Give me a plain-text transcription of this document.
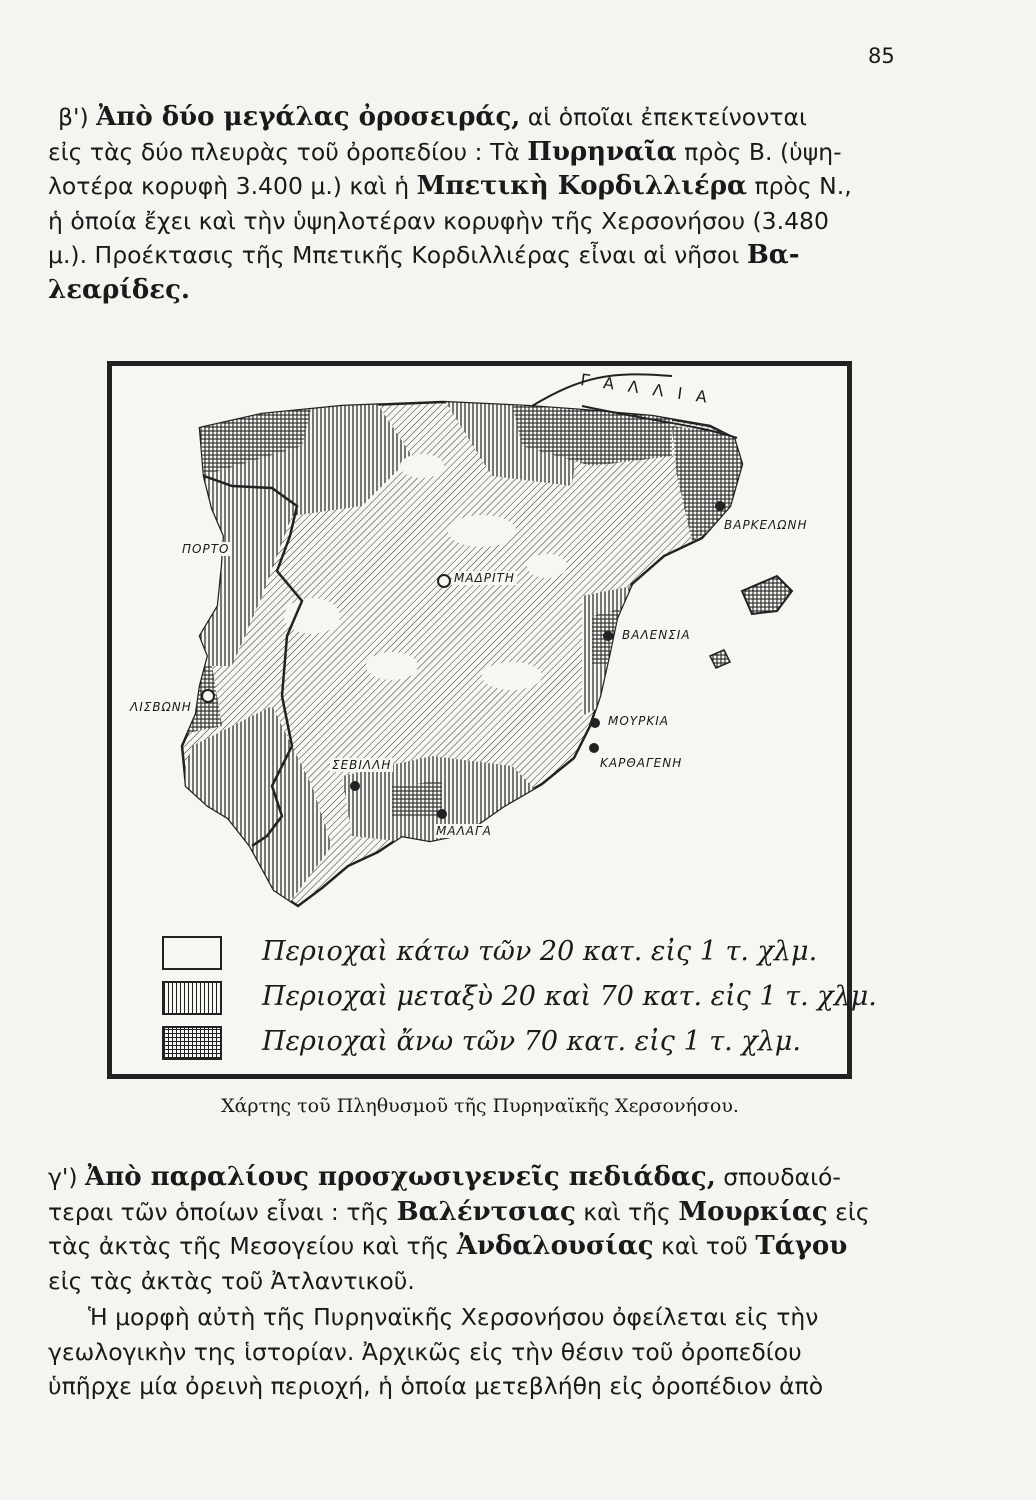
85

β') Ἀπὸ δύο μεγάλας ὀροσειράς, αἱ ὁποῖαι ἐπεκτείνονται
εἰς τὰς δύο πλευρὰς τοῦ ὀροπεδίου : Τὰ Πυρηναῖα πρὸς Β. (ὑψη-
λοτέρα κορυφὴ 3.400 μ.) καὶ ἡ Μπετικὴ Κορδιλλιέρα πρὸς Ν.,
ἡ ὁποία ἔχει καὶ τὴν ὑψηλοτέραν κορυφὴν τῆς Χερσονήσου (3.480
μ.). Προέκτασις τῆς Μπετικῆς Κορδιλλιέρας εἶναι αἱ νῆσοι Βα-
λεαρίδες.

ΓΑΛΛΙΑ
ΒΑΡΚΕΛΩΝΗ
ΠΟΡΤΟ
ΜΑΔΡΙΤΗ
ΒΑΛΕΝΣΙΑ
ΛΙΣΒΩΝΗ
ΜΟΥΡΚΙΑ
ΚΑΡΘΑΓΕΝΗ
ΣΕΒΙΛΛΗ
ΜΑΛΑΓΑ
Περιοχαὶ κάτω τῶν 20 κατ. εἰς 1 τ. χλμ.
Περιοχαὶ μεταξὺ 20 καὶ 70 κατ. εἰς 1 τ. χλμ.
Περιοχαὶ ἄνω τῶν 70 κατ. εἰς 1 τ. χλμ.
Χάρτης τοῦ Πληθυσμοῦ τῆς Πυρηναϊκῆς Χερσονήσου.

γ') Ἀπὸ παραλίους προσχωσιγενεῖς πεδιάδας, σπουδαιό-
τεραι τῶν ὁποίων εἶναι : τῆς Βαλέντσιας καὶ τῆς Μουρκίας εἰς
τὰς ἀκτὰς τῆς Μεσογείου καὶ τῆς Ἀνδαλουσίας καὶ τοῦ Τάγου
εἰς τὰς ἀκτὰς τοῦ Ἀτλαντικοῦ.

Ἡ μορφὴ αὐτὴ τῆς Πυρηναϊκῆς Χερσονήσου ὀφείλεται εἰς τὴν
γεωλογικὴν της ἱστορίαν. Ἀρχικῶς εἰς τὴν θέσιν τοῦ ὀροπεδίου
ὑπῆρχε μία ὀρεινὴ περιοχή, ἡ ὁποία μετεβλήθη εἰς ὀροπέδιον ἀπὸ
